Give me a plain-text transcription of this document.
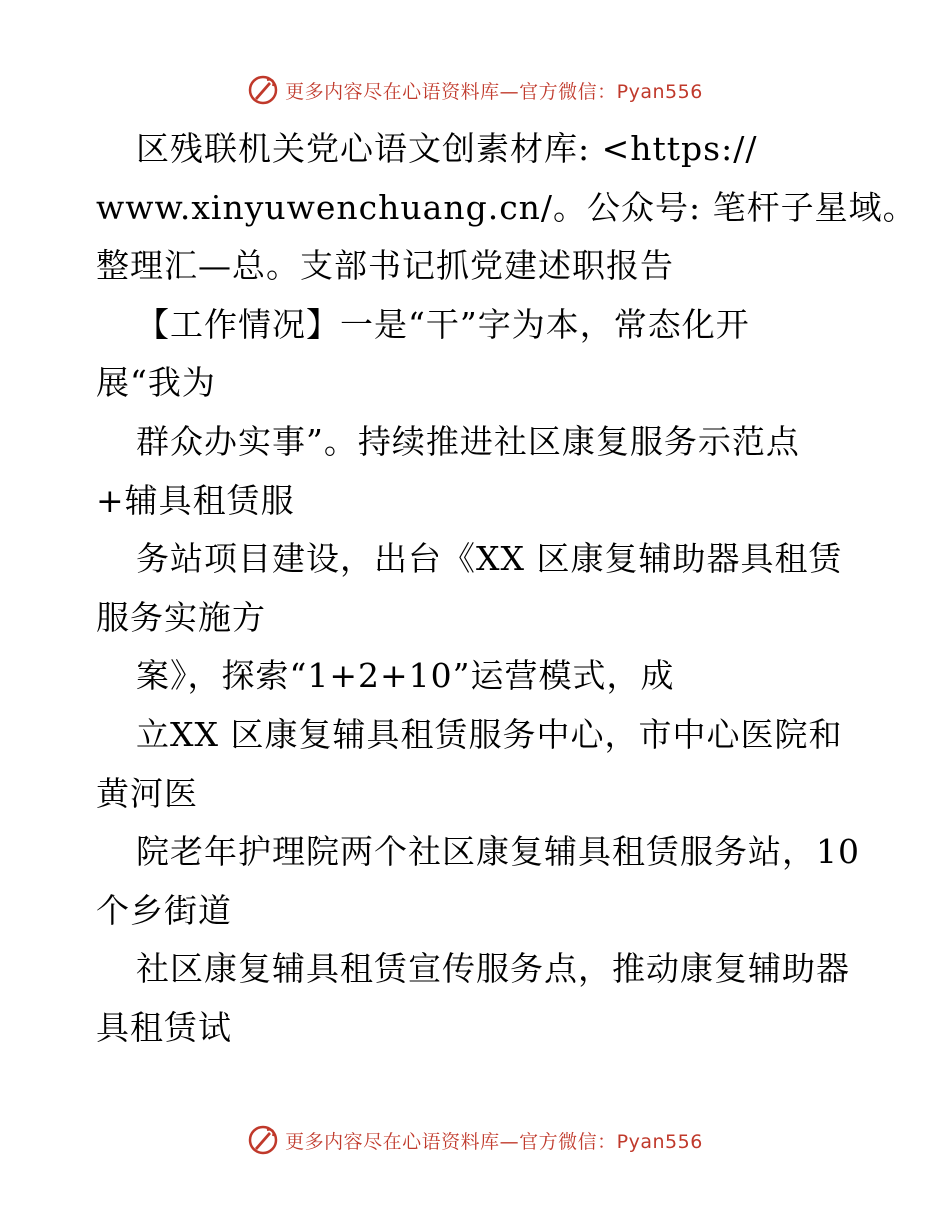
更多内容尽在心语资料库—官方微信：Pyan556
区残联机关党心语文创素材库: <https://
www.xinyuwenchuang.cn/。公众号: 笔杆子星域。
整理汇—总。支部书记抓党建述职报告
【工作情况】一是“干”字为本，常态化开
展“我为
群众办实事”。持续推进社区康复服务示范点
+辅具租赁服
务站项目建设，出台《XX 区康复辅助器具租赁
服务实施方
案》，探索“1+2+10”运营模式，成
立XX 区康复辅具租赁服务中心，市中心医院和
黄河医
院老年护理院两个社区康复辅具租赁服务站，10
个乡街道
社区康复辅具租赁宣传服务点，推动康复辅助器
具租赁试
更多内容尽在心语资料库—官方微信：Pyan556
